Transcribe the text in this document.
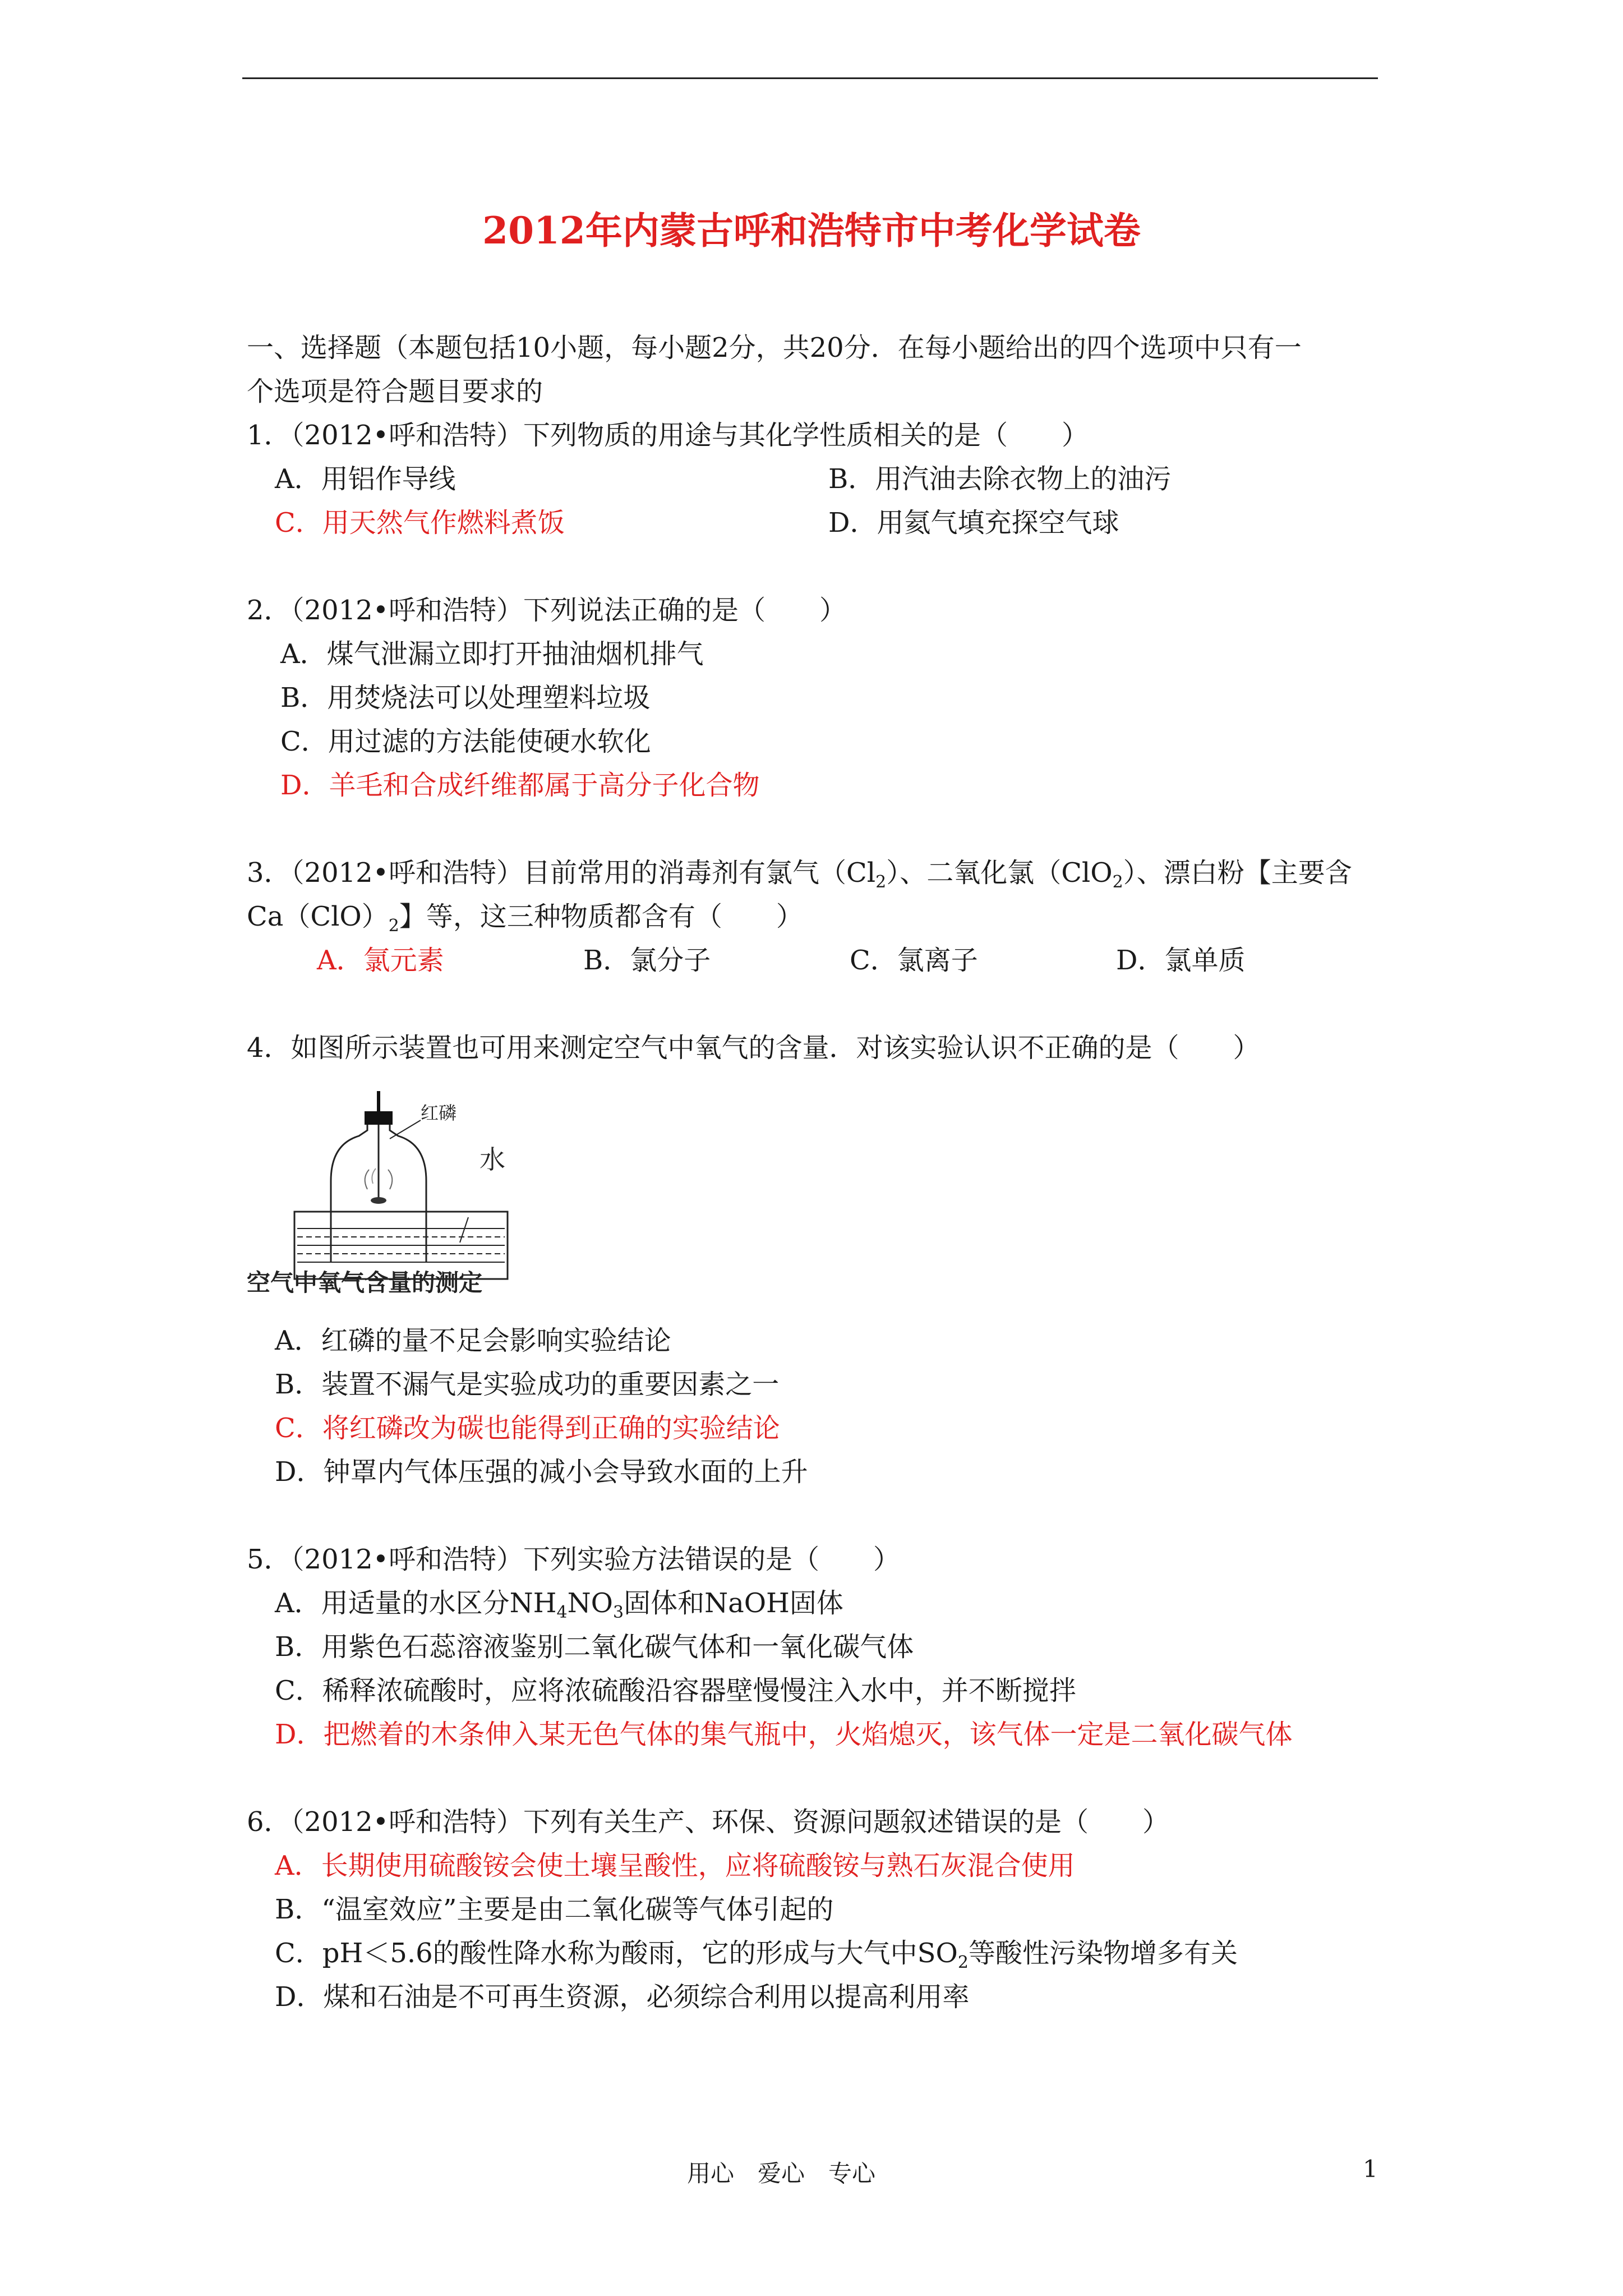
2012年内蒙古呼和浩特市中考化学试卷
一、选择题（本题包括10小题，每小题2分，共20分．在每小题给出的四个选项中只有一
个选项是符合题目要求的
1．（2012•呼和浩特）下列物质的用途与其化学性质相关的是（　　）
A．用铝作导线	B．用汽油去除衣物上的油污
C．用天然气作燃料煮饭	D．用氦气填充探空气球
2．（2012•呼和浩特）下列说法正确的是（　　）
A．煤气泄漏立即打开抽油烟机排气
B．用焚烧法可以处理塑料垃圾
C．用过滤的方法能使硬水软化
D．羊毛和合成纤维都属于高分子化合物
3．（2012•呼和浩特）目前常用的消毒剂有氯气$(Cl_2)$、二氧化氯（ClO$_2$）、漂白粉【主要含
$Ca(ClO)_2$】等，这三种物质都含有（　　）
A．氯元素	B．氯分子	C．氯离子	D．氯单质
4．如图所示装置也可用来测定空气中氧气的含量．对该实验认识不正确的是（　　）
红磷
水
空气中氧气含量的测定
A．红磷的量不足会影响实验结论
B．装置不漏气是实验成功的重要因素之一
C．将红磷改为碳也能得到正确的实验结论
D．钟罩内气体压强的减小会导致水面的上升
5．（2012•呼和浩特）下列实验方法错误的是（　　）
A．用适量的水区分$NH_4NO_3$固体和NaOH固体
B．用紫色石蕊溶液鉴别二氧化碳气体和一氧化碳气体
C．稀释浓硫酸时，应将浓硫酸沿容器壁慢慢注入水中，并不断搅拌
D．把燃着的木条伸入某无色气体的集气瓶中，火焰熄灭，该气体一定是二氧化碳气体
6．（2012•呼和浩特）下列有关生产、环保、资源问题叙述错误的是（　　）
A．长期使用硫酸铵会使土壤呈酸性，应将硫酸铵与熟石灰混合使用
B．“温室效应”主要是由二氧化碳等气体引起的
C．pH＜5.6的酸性降水称为酸雨，它的形成与大气中$SO_2$等酸性污染物增多有关
D．煤和石油是不可再生资源，必须综合利用以提高利用率
用心　爱心　专心	1
